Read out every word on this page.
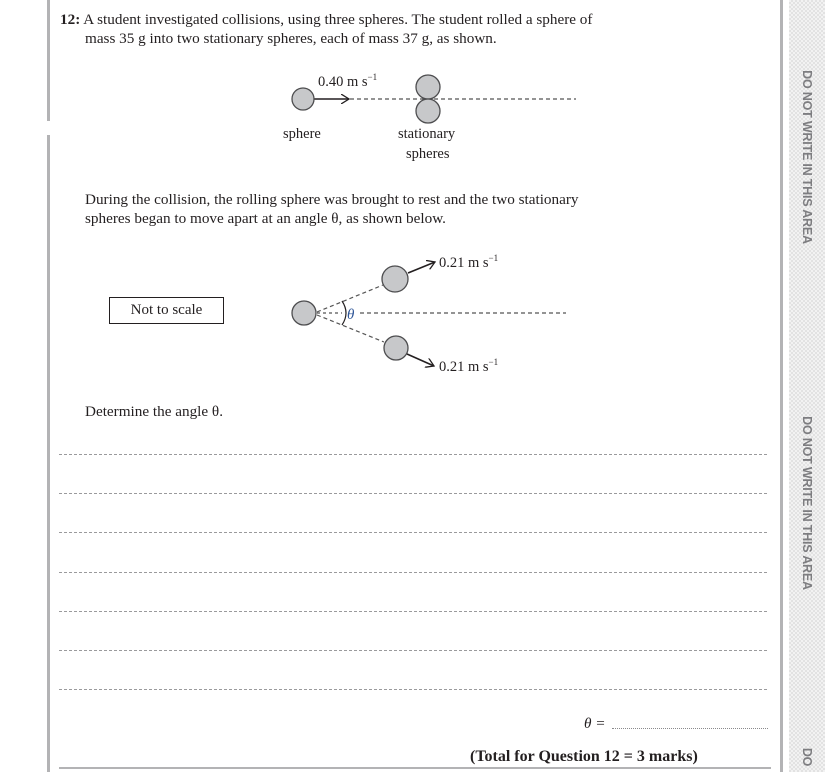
DO NOT WRITE IN THIS AREA
DO NOT WRITE IN THIS AREA
DO
12: A student investigated collisions, using three spheres. The student rolled a sphere of
mass 35 g into two stationary spheres, each of mass 37 g, as shown.
θ
0.40 m $s^{-1}$
sphere	stationary
spheres
During the collision, the rolling sphere was brought to rest and the two stationary
spheres began to move apart at an angle θ, as shown below.
Not to scale
0.21 m $s^{-1}$
0.21 m $s^{-1}$
Determine the angle θ.
θ =
(Total for Question 12 = 3 marks)
